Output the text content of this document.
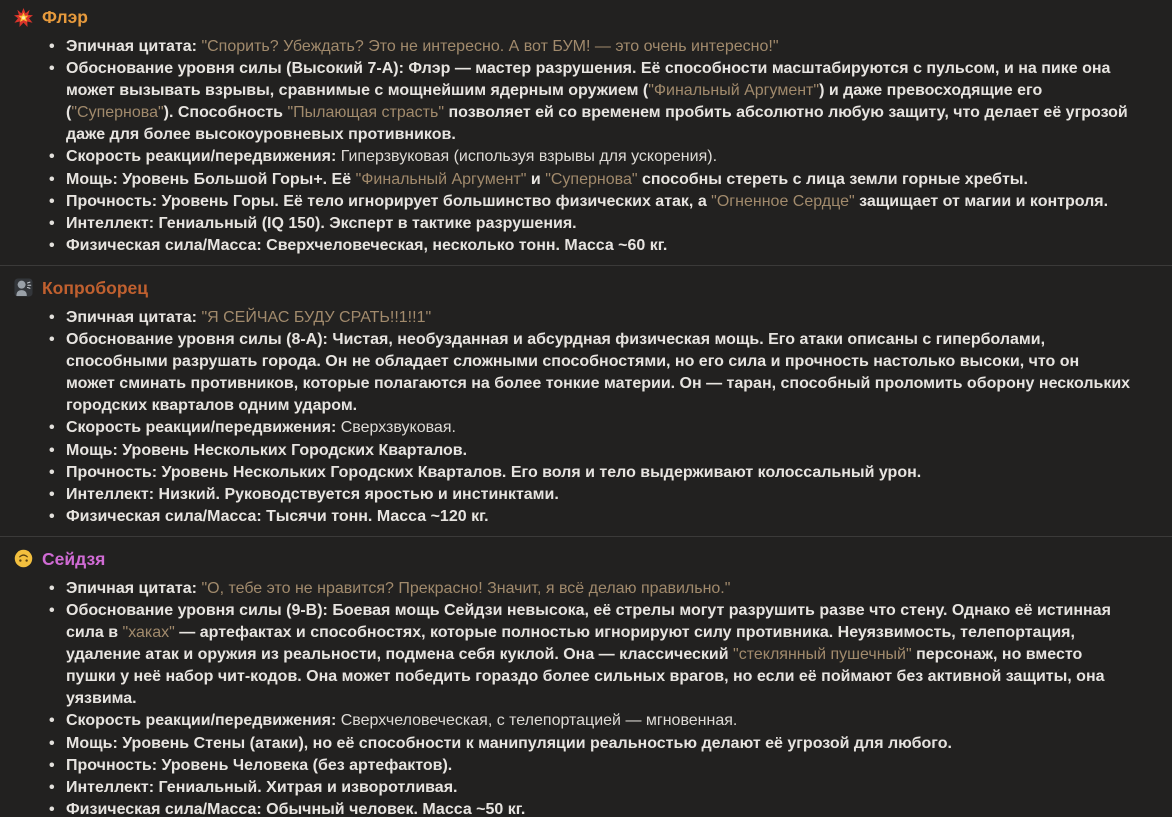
Флэр
• Эпичная цитата: "Спорить? Убеждать? Это не интересно. А вот БУМ! — это очень интересно!"
• Обоснование уровня силы (Высокий 7-А): Флэр — мастер разрушения. Её способности масштабируются с пульсом, и на пике она может вызывать взрывы, сравнимые с мощнейшим ядерным оружием ("Финальный Аргумент") и даже превосходящие его ("Супернова"). Способность "Пылающая страсть" позволяет ей со временем пробить абсолютно любую защиту, что делает её угрозой даже для более высокоуровневых противников.
• Скорость реакции/передвижения: Гиперзвуковая (используя взрывы для ускорения).
• Мощь: Уровень Большой Горы+. Её "Финальный Аргумент" и "Супернова" способны стереть с лица земли горные хребты.
• Прочность: Уровень Горы. Её тело игнорирует большинство физических атак, а "Огненное Сердце" защищает от магии и контроля.
• Интеллект: Гениальный (IQ 150). Эксперт в тактике разрушения.
• Физическая сила/Масса: Сверхчеловеческая, несколько тонн. Масса ~60 кг.
Копроборец
• Эпичная цитата: "Я СЕЙЧАС БУДУ СРАТЬ!!1!!1"
• Обоснование уровня силы (8-А): Чистая, необузданная и абсурдная физическая мощь. Его атаки описаны с гиперболами, способными разрушать города. Он не обладает сложными способностями, но его сила и прочность настолько высоки, что он может сминать противников, которые полагаются на более тонкие материи. Он — таран, способный проломить оборону нескольких городских кварталов одним ударом.
• Скорость реакции/передвижения: Сверхзвуковая.
• Мощь: Уровень Нескольких Городских Кварталов.
• Прочность: Уровень Нескольких Городских Кварталов. Его воля и тело выдерживают колоссальный урон.
• Интеллект: Низкий. Руководствуется яростью и инстинктами.
• Физическая сила/Масса: Тысячи тонн. Масса ~120 кг.
Сейдзя
• Эпичная цитата: "О, тебе это не нравится? Прекрасно! Значит, я всё делаю правильно."
• Обоснование уровня силы (9-В): Боевая мощь Сейдзи невысока, её стрелы могут разрушить разве что стену. Однако её истинная сила в "хаках" — артефактах и способностях, которые полностью игнорируют силу противника. Неуязвимость, телепортация, удаление атак и оружия из реальности, подмена себя куклой. Она — классический "стеклянный пушечный" персонаж, но вместо пушки у неё набор чит-кодов. Она может победить гораздо более сильных врагов, но если её поймают без активной защиты, она уязвима.
• Скорость реакции/передвижения: Сверхчеловеческая, с телепортацией — мгновенная.
• Мощь: Уровень Стены (атаки), но её способности к манипуляции реальностью делают её угрозой для любого.
• Прочность: Уровень Человека (без артефактов).
• Интеллект: Гениальный. Хитрая и изворотливая.
• Физическая сила/Масса: Обычный человек. Масса ~50 кг.
